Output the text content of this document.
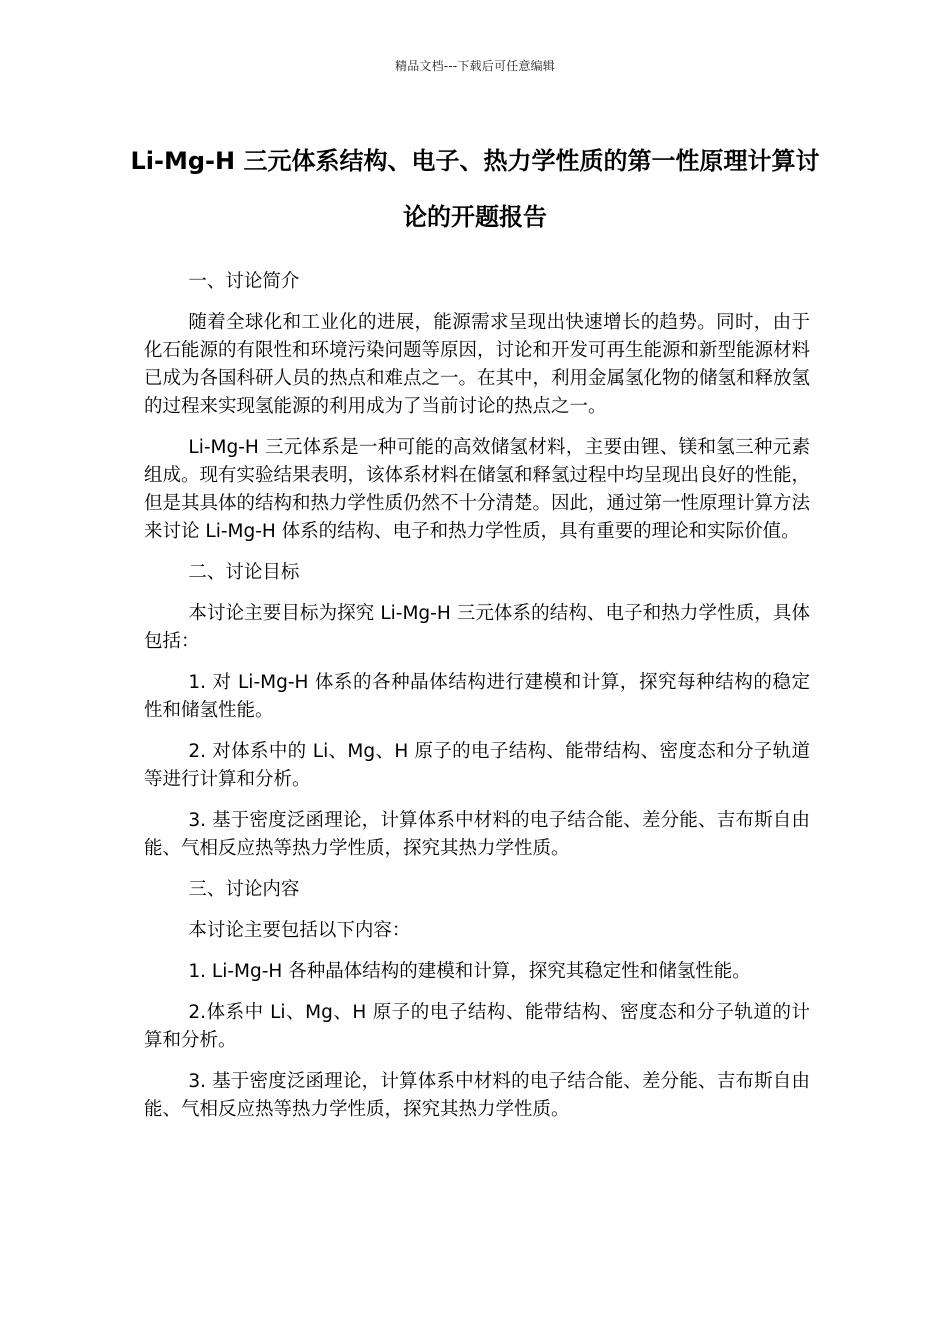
精品文档---下载后可任意编辑
Li-Mg-H 三元体系结构、电子、热力学性质的第一性原理计算讨论的开题报告

一、讨论简介

随着全球化和工业化的进展，能源需求呈现出快速增长的趋势。同时，由于化石能源的有限性和环境污染问题等原因，讨论和开发可再生能源和新型能源材料已成为各国科研人员的热点和难点之一。在其中，利用金属氢化物的储氢和释放氢的过程来实现氢能源的利用成为了当前讨论的热点之一。

Li-Mg-H 三元体系是一种可能的高效储氢材料，主要由锂、镁和氢三种元素组成。现有实验结果表明，该体系材料在储氢和释氢过程中均呈现出良好的性能，但是其具体的结构和热力学性质仍然不十分清楚。因此，通过第一性原理计算方法来讨论 Li-Mg-H 体系的结构、电子和热力学性质，具有重要的理论和实际价值。

二、讨论目标

本讨论主要目标为探究 Li-Mg-H 三元体系的结构、电子和热力学性质，具体包括：

1. 对 Li-Mg-H 体系的各种晶体结构进行建模和计算，探究每种结构的稳定性和储氢性能。

2. 对体系中的 Li、Mg、H 原子的电子结构、能带结构、密度态和分子轨道等进行计算和分析。

3. 基于密度泛函理论，计算体系中材料的电子结合能、差分能、吉布斯自由能、气相反应热等热力学性质，探究其热力学性质。

三、讨论内容

本讨论主要包括以下内容：

1. Li-Mg-H 各种晶体结构的建模和计算，探究其稳定性和储氢性能。

2.体系中 Li、Mg、H 原子的电子结构、能带结构、密度态和分子轨道的计算和分析。

3. 基于密度泛函理论，计算体系中材料的电子结合能、差分能、吉布斯自由能、气相反应热等热力学性质，探究其热力学性质。
